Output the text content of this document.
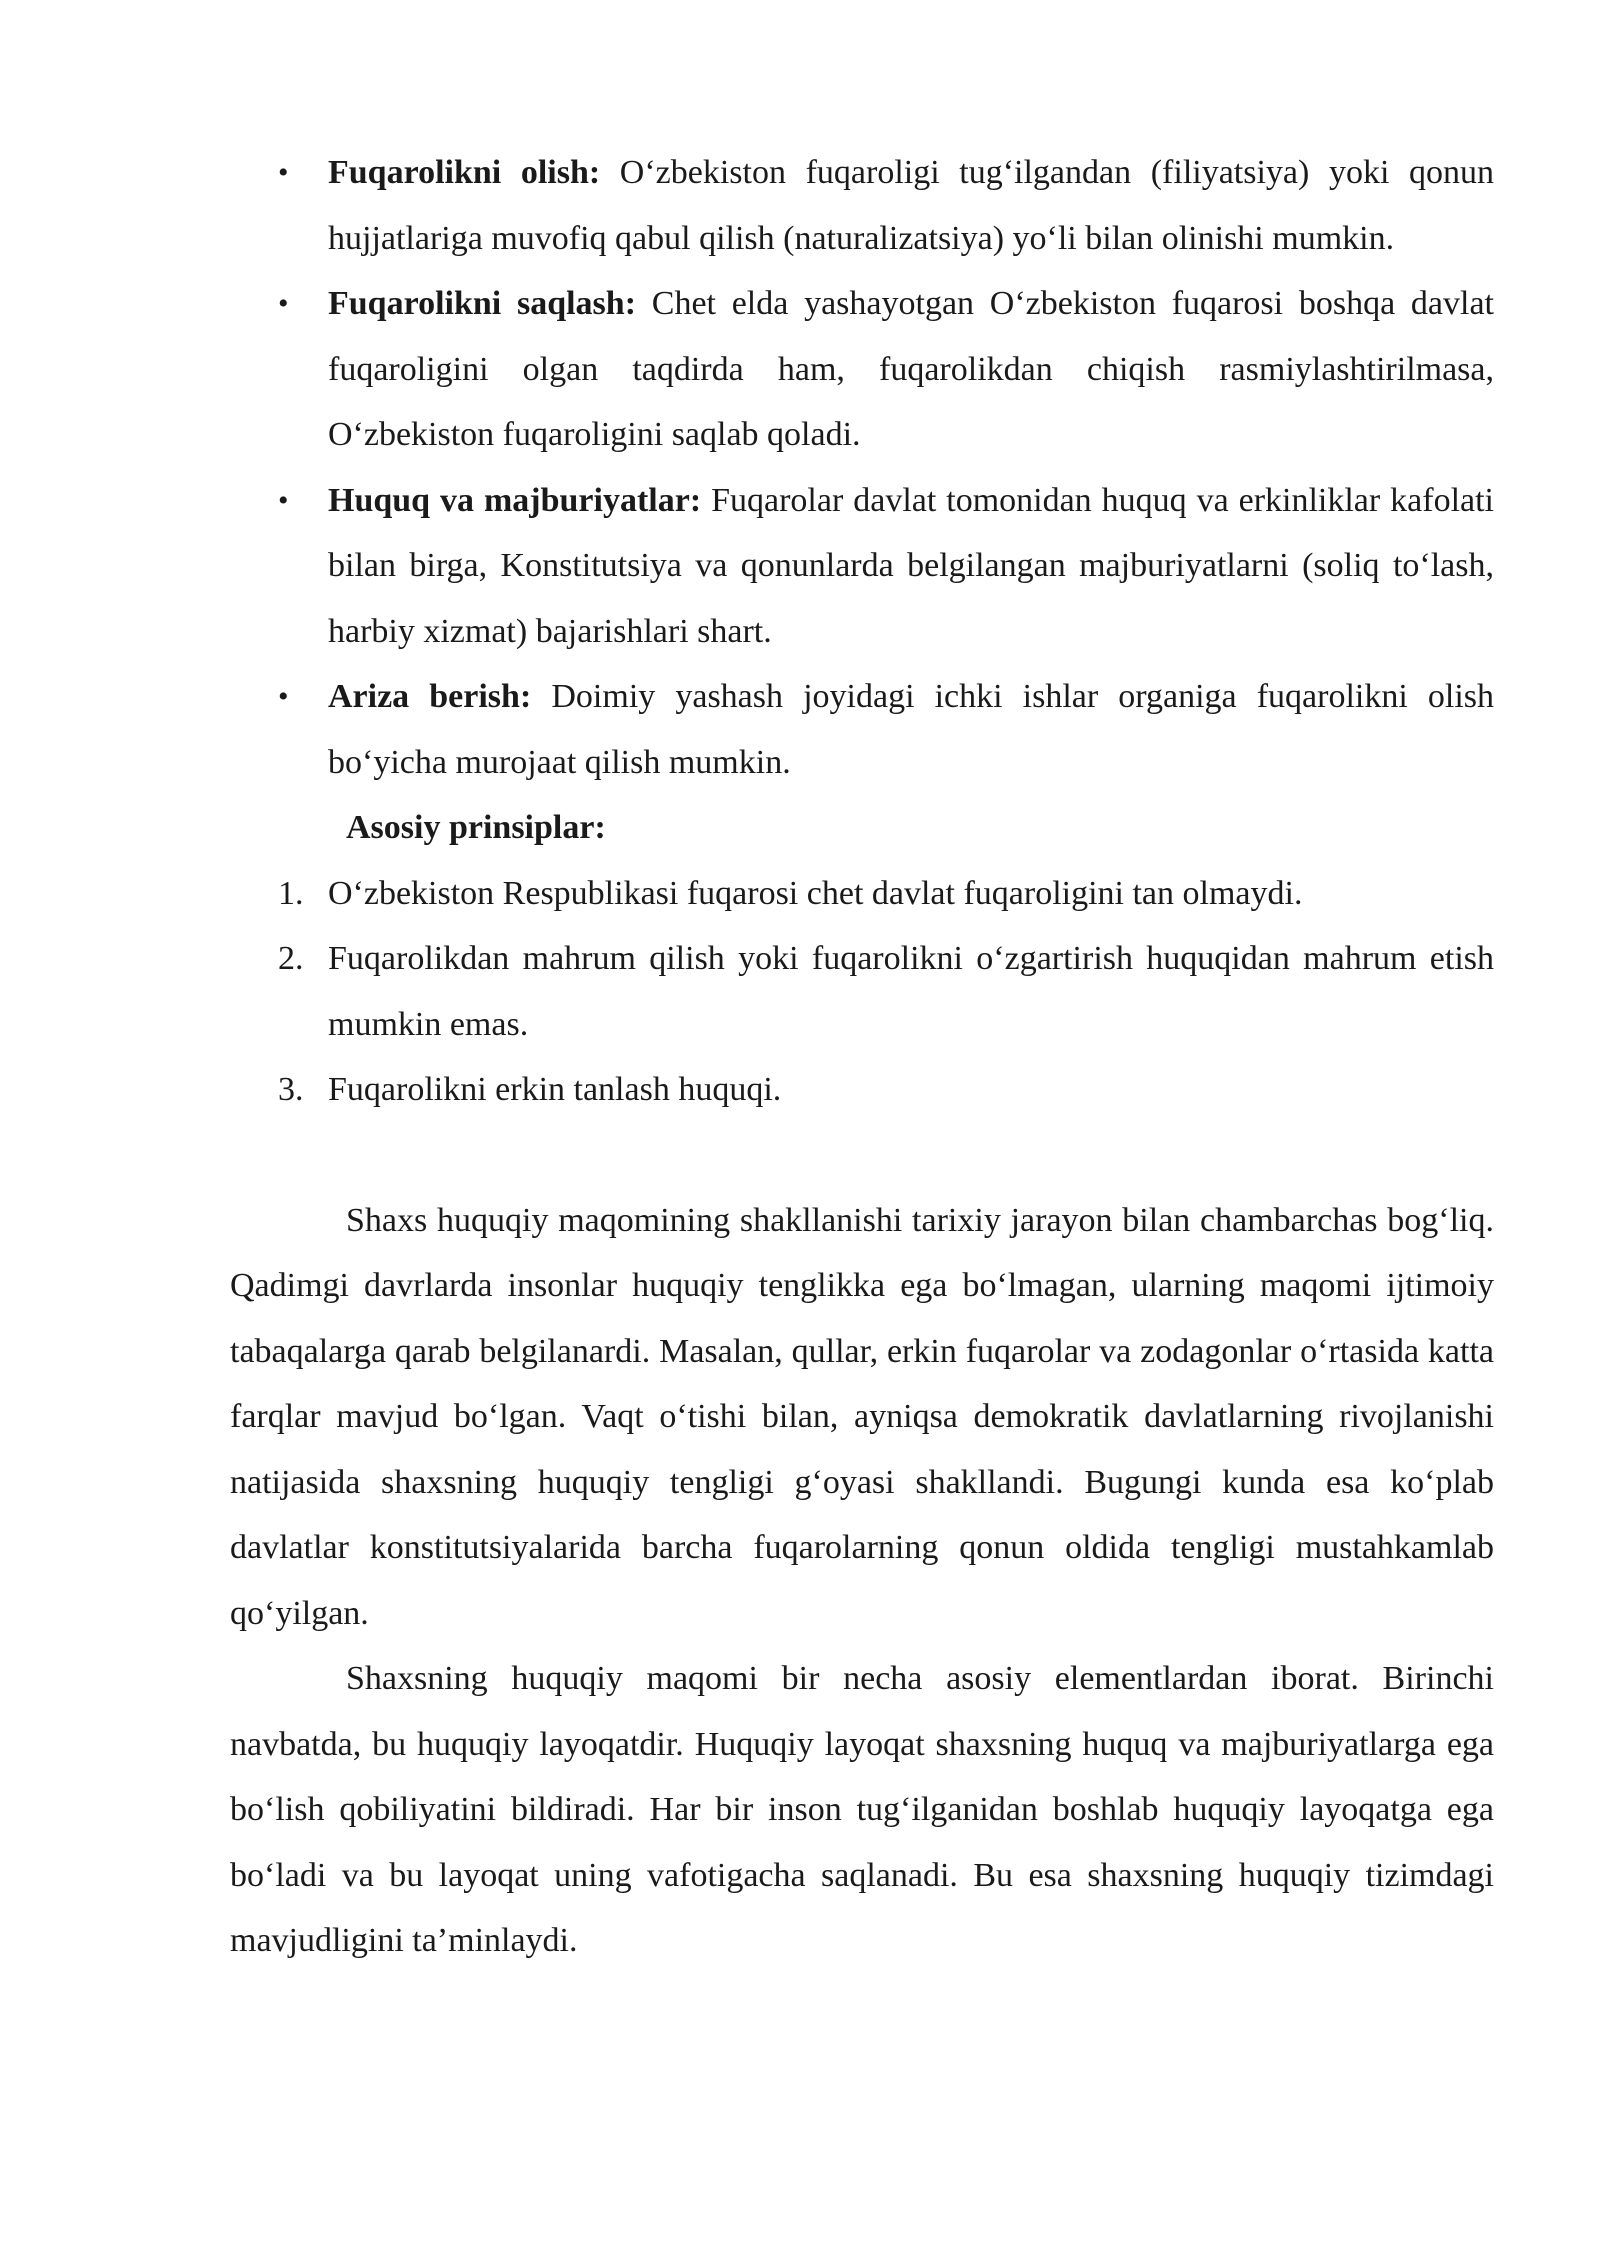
• Fuqarolikni olish: O‘zbekiston fuqaroligi tug‘ilgandan (filiyatsiya) yoki qonun hujjatlariga muvofiq qabul qilish (naturalizatsiya) yo‘li bilan olinishi mumkin.
• Fuqarolikni saqlash: Chet elda yashayotgan O‘zbekiston fuqarosi boshqa davlat fuqaroligini olgan taqdirda ham, fuqarolikdan chiqish rasmiylashtirilmasa, O‘zbekiston fuqaroligini saqlab qoladi.
• Huquq va majburiyatlar: Fuqarolar davlat tomonidan huquq va erkinliklar kafolati bilan birga, Konstitutsiya va qonunlarda belgilangan majburiyatlarni (soliq to‘lash, harbiy xizmat) bajarishlari shart.
• Ariza berish: Doimiy yashash joyidagi ichki ishlar organiga fuqarolikni olish bo‘yicha murojaat qilish mumkin.

Asosiy prinsiplar:

1. O‘zbekiston Respublikasi fuqarosi chet davlat fuqaroligini tan olmaydi.
2. Fuqarolikdan mahrum qilish yoki fuqarolikni o‘zgartirish huquqidan mahrum etish mumkin emas.
3. Fuqarolikni erkin tanlash huquqi.

Shaxs huquqiy maqomining shakllanishi tarixiy jarayon bilan chambarchas bog‘liq. Qadimgi davrlarda insonlar huquqiy tenglikka ega bo‘lmagan, ularning maqomi ijtimoiy tabaqalarga qarab belgilanardi. Masalan, qullar, erkin fuqarolar va zodagonlar o‘rtasida katta farqlar mavjud bo‘lgan. Vaqt o‘tishi bilan, ayniqsa demokratik davlatlarning rivojlanishi natijasida shaxsning huquqiy tengligi g‘oyasi shakllandi. Bugungi kunda esa ko‘plab davlatlar konstitutsiyalarida barcha fuqarolarning qonun oldida tengligi mustahkamlab qo‘yilgan.

Shaxsning huquqiy maqomi bir necha asosiy elementlardan iborat. Birinchi navbatda, bu huquqiy layoqatdir. Huquqiy layoqat shaxsning huquq va majburiyatlarga ega bo‘lish qobiliyatini bildiradi. Har bir inson tug‘ilganidan boshlab huquqiy layoqatga ega bo‘ladi va bu layoqat uning vafotigacha saqlanadi. Bu esa shaxsning huquqiy tizimdagi mavjudligini ta’minlaydi.
